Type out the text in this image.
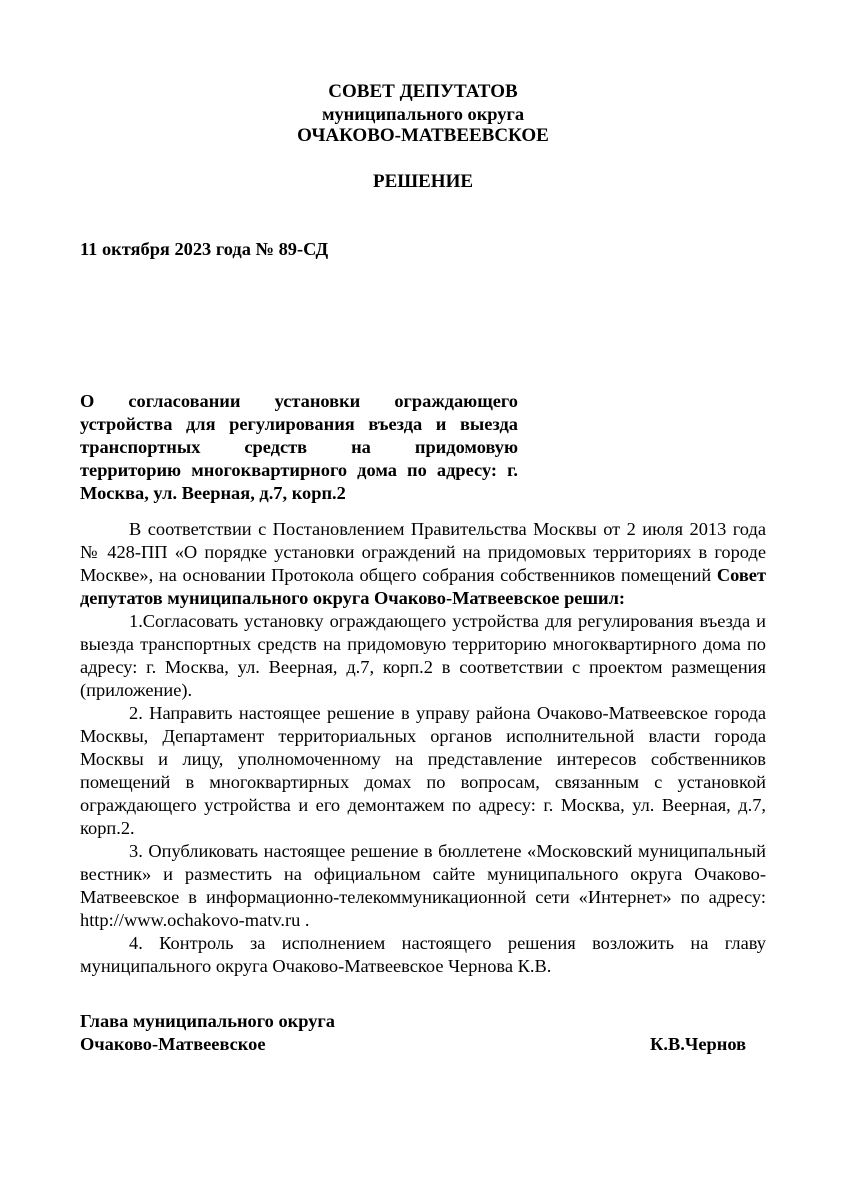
СОВЕТ ДЕПУТАТОВ
муниципального округа
ОЧАКОВО-МАТВЕЕВСКОЕ
РЕШЕНИЕ
11 октября 2023 года № 89-СД
О согласовании установки ограждающего
устройства для регулирования въезда и выезда
транспортных средств на придомовую
территорию многоквартирного дома по адресу: г.
Москва, ул. Веерная, д.7, корп.2

В соответствии с Постановлением Правительства Москвы от 2 июля 2013 года № 428-ПП «О порядке установки ограждений на придомовых территориях в городе Москве», на основании Протокола общего собрания собственников помещений Совет депутатов муниципального округа Очаково-Матвеевское решил:

1.Согласовать установку ограждающего устройства для регулирования въезда и выезда транспортных средств на придомовую территорию многоквартирного дома по адресу: г. Москва, ул. Веерная, д.7, корп.2 в соответствии с проектом размещения (приложение).

2. Направить настоящее решение в управу района Очаково-Матвеевское города Москвы, Департамент территориальных органов исполнительной власти города Москвы и лицу, уполномоченному на представление интересов собственников помещений в многоквартирных домах по вопросам, связанным с установкой ограждающего устройства и его демонтажем по адресу: г. Москва, ул. Веерная, д.7, корп.2.

3. Опубликовать настоящее решение в бюллетене «Московский муниципальный вестник» и разместить на официальном сайте муниципального округа Очаково-Матвеевское в информационно-телекоммуникационной сети «Интернет» по адресу: http://www.ochakovo-matv.ru .

4. Контроль за исполнением настоящего решения возложить на главу муниципального округа Очаково-Матвеевское Чернова К.В.

Глава муниципального округа
Очаково-Матвеевское	К.В.Чернов
